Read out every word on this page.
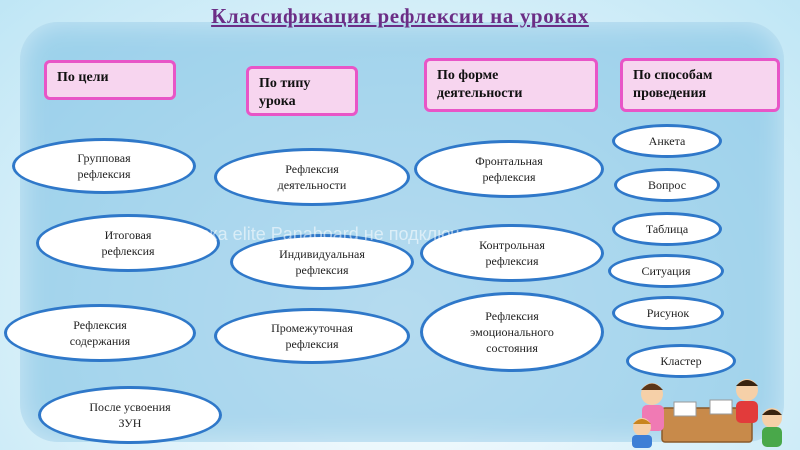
Классификация рефлексии на уроках
По цели	По типу
урока
По форме
деятельности
По способам
проведения
Групповая
рефлексия
Итоговая
рефлексия
Рефлексия
содержания
После усвоения
ЗУН
Рефлексия
деятельности
Индивидуальная
рефлексия
Промежуточная
рефлексия
Фронтальная
рефлексия
Контрольная
рефлексия
Рефлексия
эмоционального
состояния
Анкета
Вопрос
Таблица
Ситуация
Рисунок
Кластер
Доска elite Panaboard не подключена
